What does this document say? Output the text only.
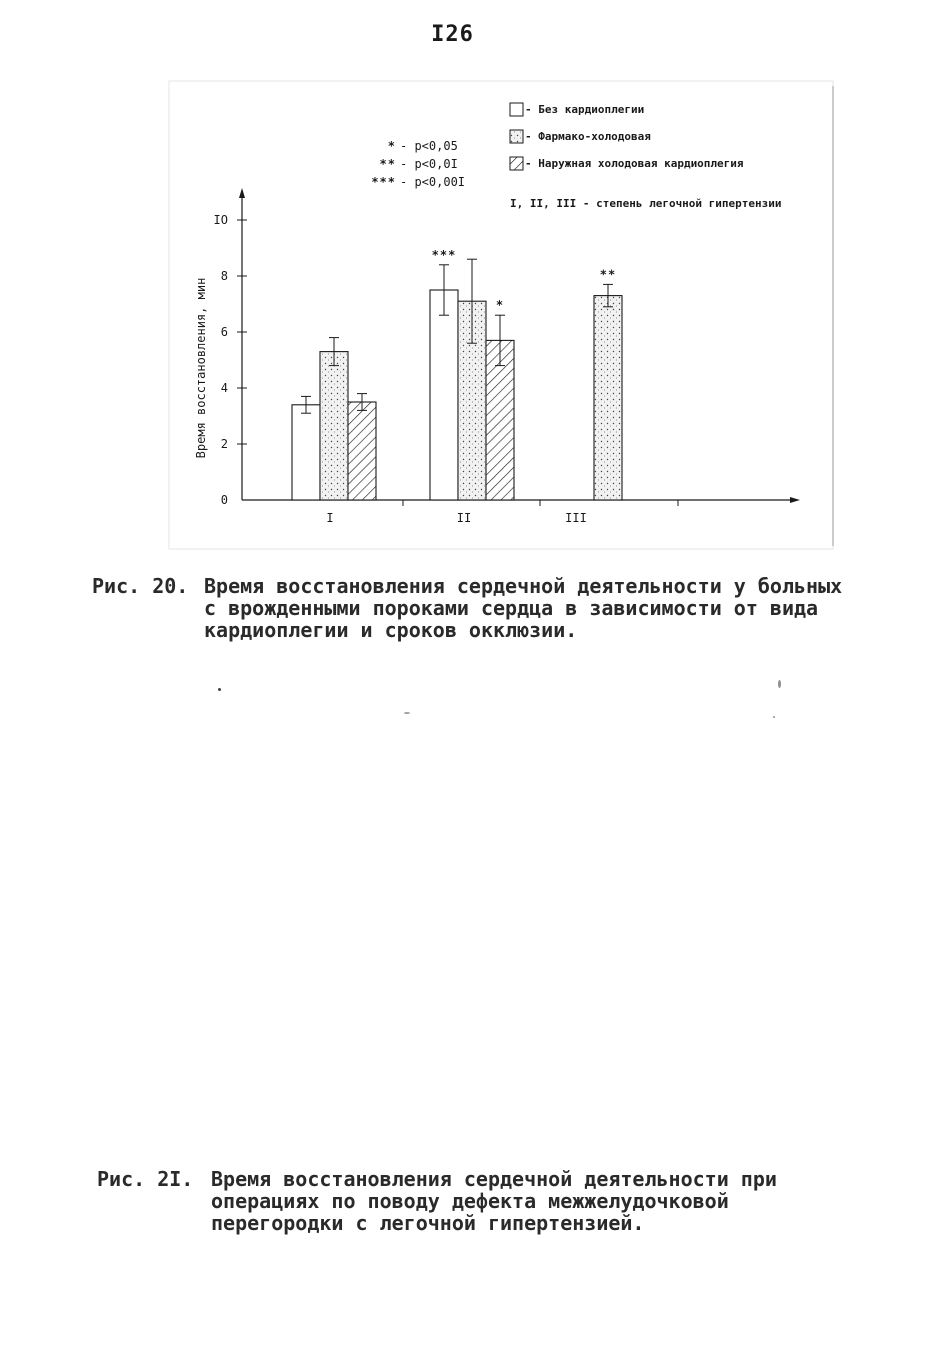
I26
0
2
4
6
8
IO
Время восстановления, мин
I	II	III
***
*
**
* - p<0,05
** - p<0,0I
*** - p<0,00I
- Без кардиоплегии
- Фармако-холодовая
- Наружная холодовая кардиоплегия
I, II, III - степень легочной гипертензии
Рис. 20. Время восстановления сердечной деятельности у больных с врожденными пороками сердца в зависимости от вида кардиоплегии и сроков окклюзии.
Рис. 2I. Время восстановления сердечной деятельности при операциях по поводу дефекта межжелудочковой перегородки с легочной гипертензией.
